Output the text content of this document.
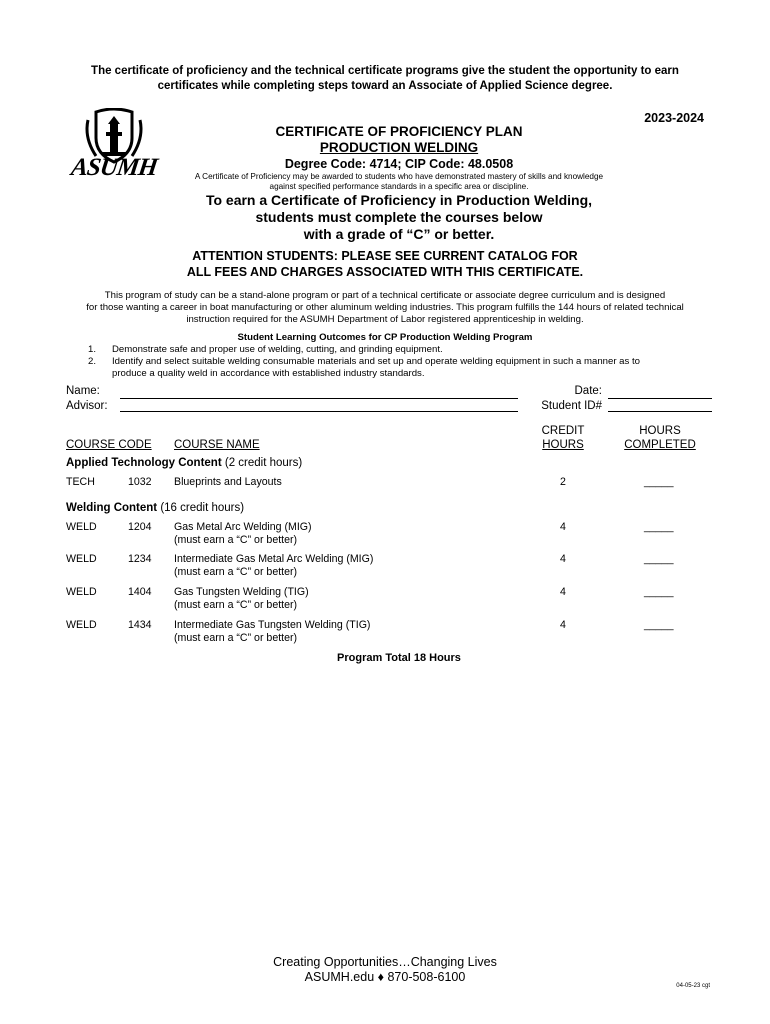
The certificate of proficiency and the technical certificate programs give the student the opportunity to earn
certificates while completing steps toward an Associate of Applied Science degree.
2023-2024
ASUMH
CERTIFICATE OF PROFICIENCY PLAN
PRODUCTION WELDING
Degree Code: 4714; CIP Code: 48.0508
A Certificate of Proficiency may be awarded to students who have demonstrated mastery of skills and knowledge
against specified performance standards in a specific area or discipline.
To earn a Certificate of Proficiency in Production Welding,
students must complete the courses below
with a grade of “C” or better.
ATTENTION STUDENTS: PLEASE SEE CURRENT CATALOG FOR
ALL FEES AND CHARGES ASSOCIATED WITH THIS CERTIFICATE.
This program of study can be a stand-alone program or part of a technical certificate or associate degree curriculum and is designed
for those wanting a career in boat manufacturing or other aluminum welding industries. This program fulfills the 144 hours of related technical
instruction required for the ASUMH Department of Labor registered apprenticeship in welding.
Student Learning Outcomes for CP Production Welding Program
1. Demonstrate safe and proper use of welding, cutting, and grinding equipment.
2. Identify and select suitable welding consumable materials and set up and operate welding equipment in such a manner as to
produce a quality weld in accordance with established industry standards.
Name:
Advisor:
Date:
Student ID#
COURSE CODE COURSE NAME
CREDIT
HOURS
HOURS
COMPLETED
Applied Technology Content (2 credit hours)
TECH	1032 Blueprints and Layouts	2	_____
Welding Content (16 credit hours)
WELD	1204 Gas Metal Arc Welding (MIG)
(must earn a “C” or better)
4	_____
WELD	1234 Intermediate Gas Metal Arc Welding (MIG)
(must earn a “C” or better)
4	_____
WELD	1404 Gas Tungsten Welding (TIG)
(must earn a “C” or better)
4	_____
WELD	1434 Intermediate Gas Tungsten Welding (TIG)
(must earn a “C” or better)
4	_____
Program Total 18 Hours
Creating Opportunities…Changing Lives
ASUMH.edu ♦ 870-508-6100
04-05-23 cgt
